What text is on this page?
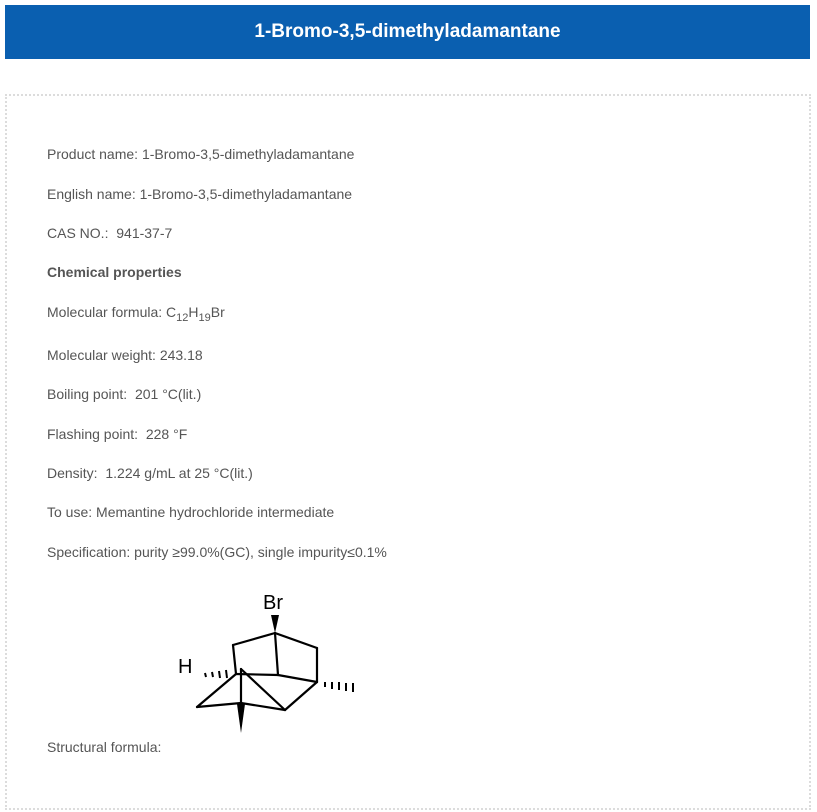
1-Bromo-3,5-dimethyladamantane
Product name: 1-Bromo-3,5-dimethyladamantane
English name: 1-Bromo-3,5-dimethyladamantane
CAS NO.: 941-37-7
Chemical properties
Molecular formula: $C_{12}H_{19}Br$
Molecular weight: 243.18
Boiling point: 201 °C(lit.)
Flashing point: 228 °F
Density: 1.224 g/mL at 25 °C(lit.)
To use: Memantine hydrochloride intermediate
Specification: purity ≥99.0%(GC), single impurity≤0.1%
Br
H
Structural formula:
